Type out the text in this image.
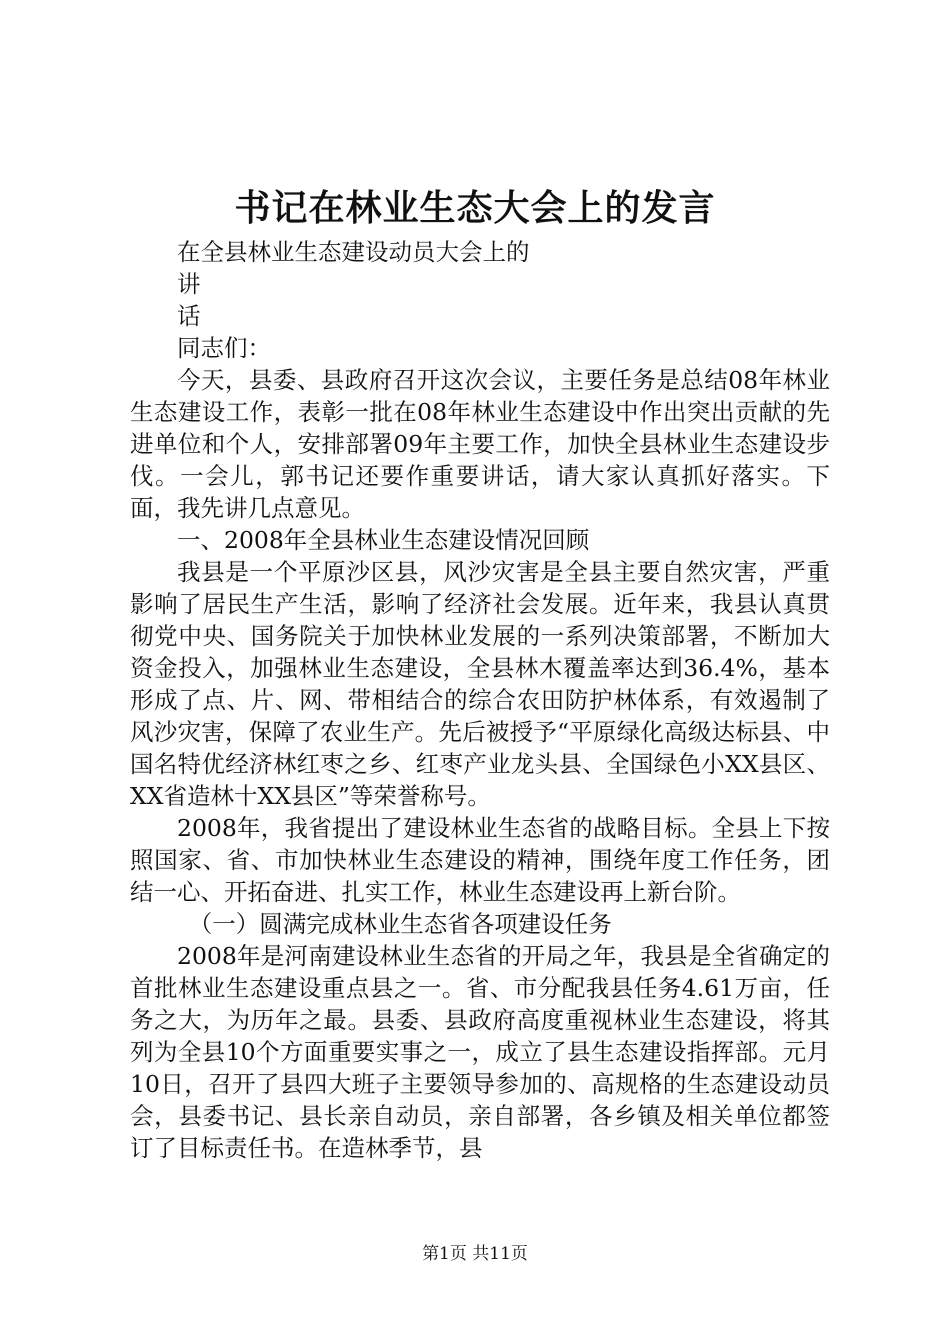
书记在林业生态大会上的发言

在全县林业生态建设动员大会上的

讲

话

同志们：

今天，县委、县政府召开这次会议，主要任务是总结08年林业生态建设工作，表彰一批在08年林业生态建设中作出突出贡献的先进单位和个人，安排部署09年主要工作，加快全县林业生态建设步伐。一会儿，郭书记还要作重要讲话，请大家认真抓好落实。下面，我先讲几点意见。

一、2008年全县林业生态建设情况回顾

我县是一个平原沙区县，风沙灾害是全县主要自然灾害，严重影响了居民生产生活，影响了经济社会发展。近年来，我县认真贯彻党中央、国务院关于加快林业发展的一系列决策部署，不断加大资金投入，加强林业生态建设，全县林木覆盖率达到36.4%，基本形成了点、片、网、带相结合的综合农田防护林体系，有效遏制了风沙灾害，保障了农业生产。先后被授予“平原绿化高级达标县、中国名特优经济林红枣之乡、红枣产业龙头县、全国绿色小XX县区、XX省造林十XX县区”等荣誉称号。

2008年，我省提出了建设林业生态省的战略目标。全县上下按照国家、省、市加快林业生态建设的精神，围绕年度工作任务，团结一心、开拓奋进、扎实工作，林业生态建设再上新台阶。

（一）圆满完成林业生态省各项建设任务

2008年是河南建设林业生态省的开局之年，我县是全省确定的首批林业生态建设重点县之一。省、市分配我县任务4.61万亩，任务之大，为历年之最。县委、县政府高度重视林业生态建设，将其列为全县10个方面重要实事之一，成立了县生态建设指挥部。元月10日，召开了县四大班子主要领导参加的、高规格的生态建设动员会，县委书记、县长亲自动员，亲自部署，各乡镇及相关单位都签订了目标责任书。在造林季节，县

第1页 共11页
